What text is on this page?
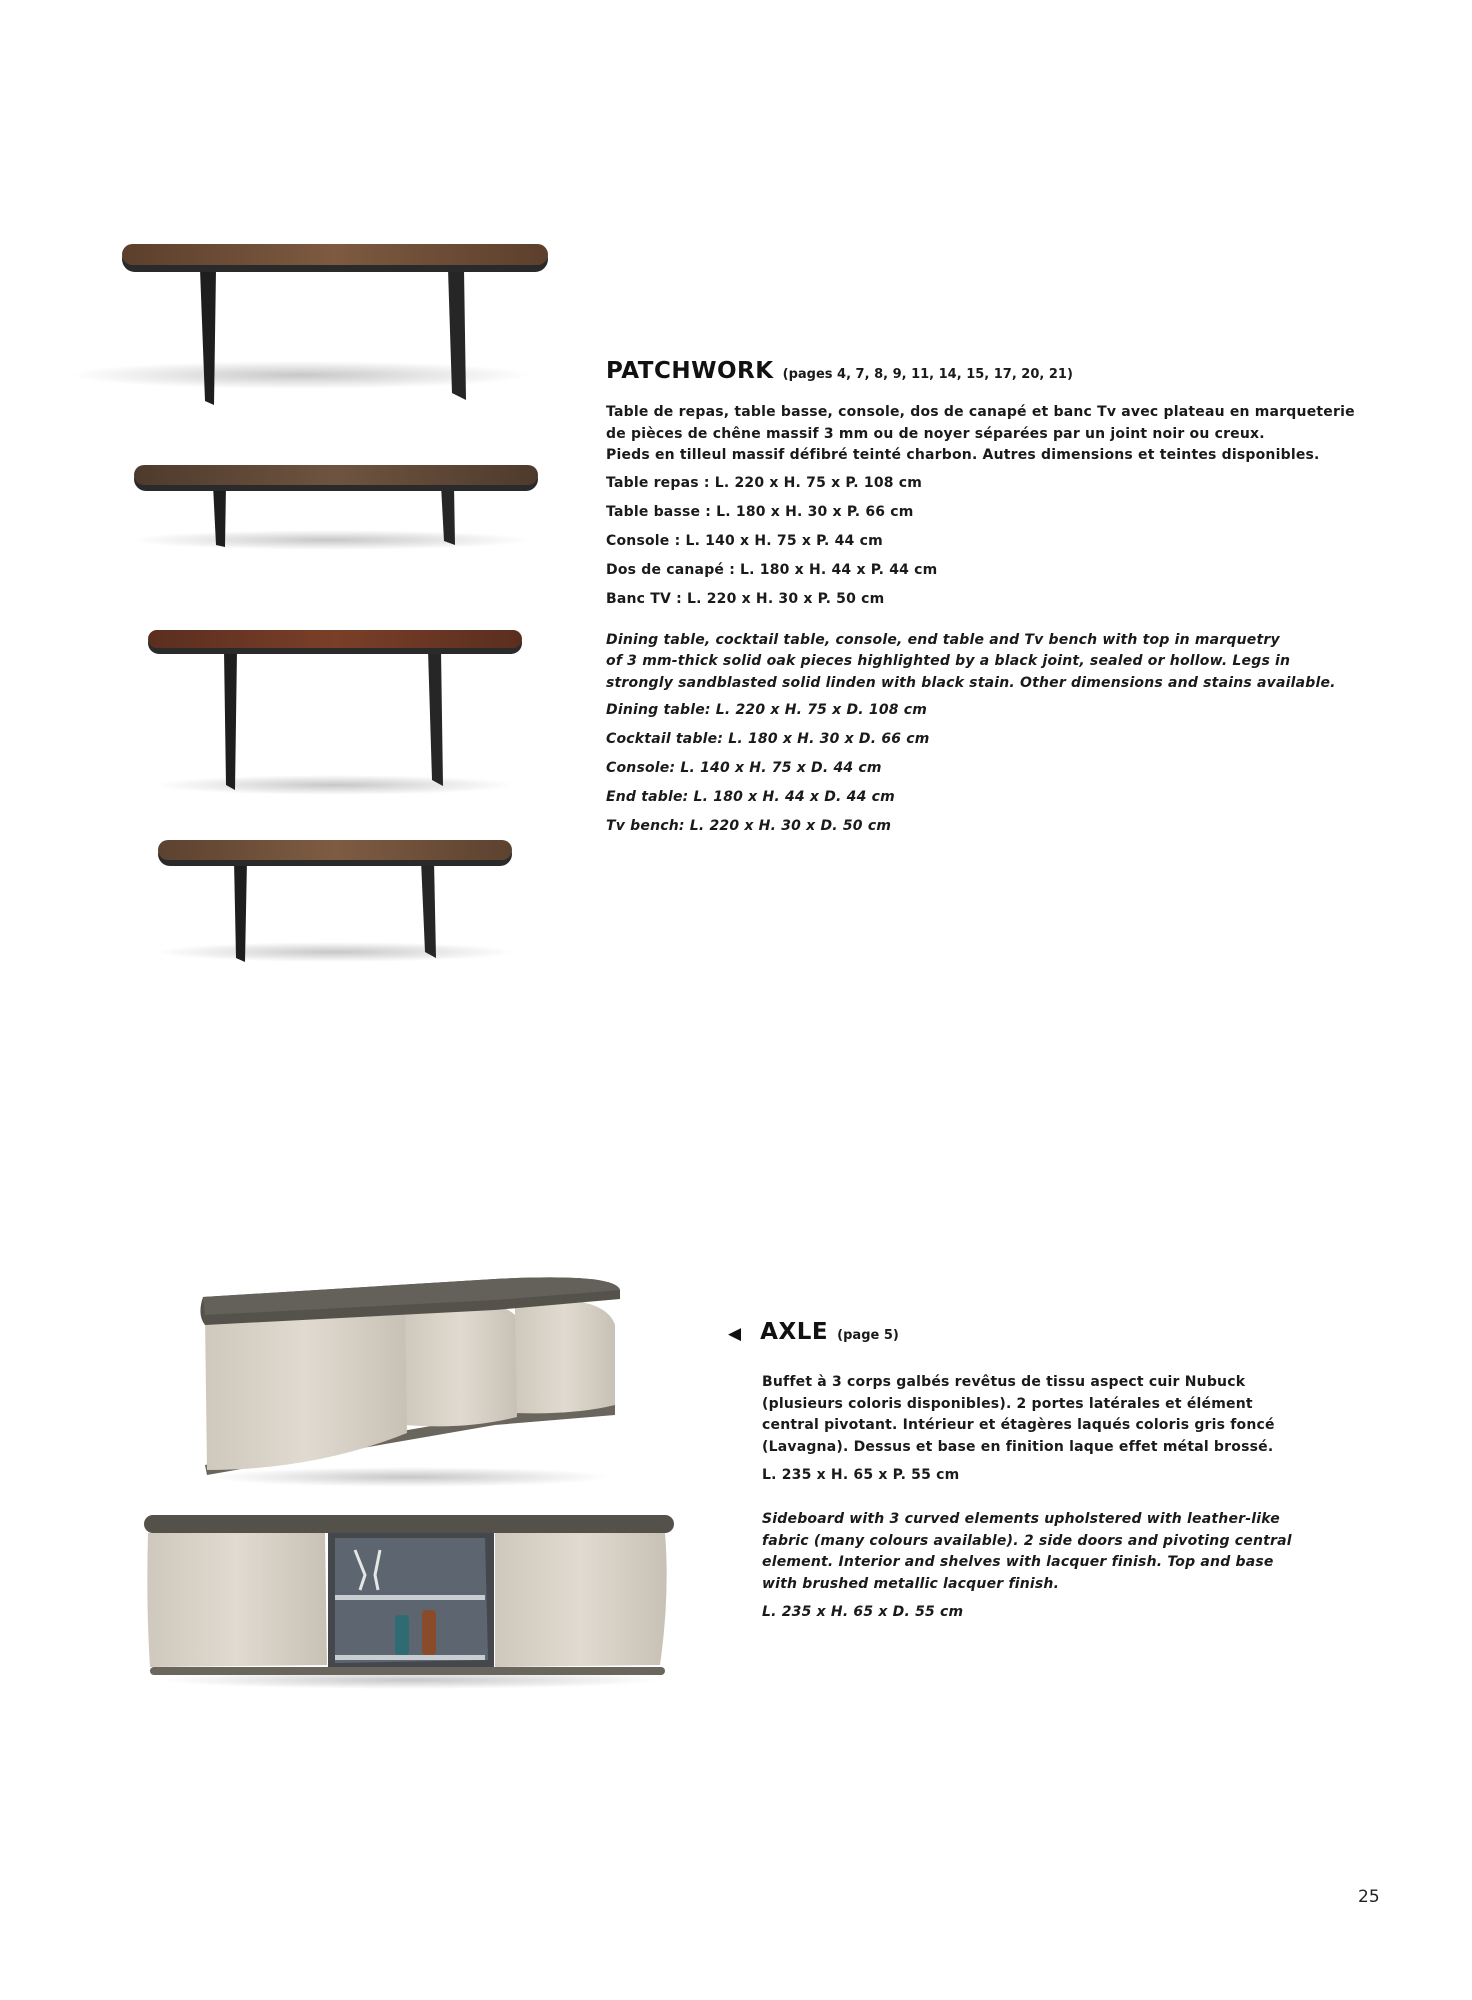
PATCHWORK (pages 4, 7, 8, 9, 11, 14, 15, 17, 20, 21)

Table de repas, table basse, console, dos de canapé et banc Tv avec plateau en marqueterie

de pièces de chêne massif 3 mm ou de noyer séparées par un joint noir ou creux.

Pieds en tilleul massif défibré teinté charbon. Autres dimensions et teintes disponibles.

Table repas : L. 220 x H. 75 x P. 108 cm

Table basse : L. 180 x H. 30 x P. 66 cm

Console : L. 140 x H. 75 x P. 44 cm

Dos de canapé : L. 180 x H. 44 x P. 44 cm

Banc TV : L. 220 x H. 30 x P. 50 cm

Dining table, cocktail table, console, end table and Tv bench with top in marquetry

of 3 mm-thick solid oak pieces highlighted by a black joint, sealed or hollow. Legs in

strongly sandblasted solid linden with black stain. Other dimensions and stains available.

Dining table: L. 220 x H. 75 x D. 108 cm

Cocktail table: L. 180 x H. 30 x D. 66 cm

Console: L. 140 x H. 75 x D. 44 cm

End table: L. 180 x H. 44 x D. 44 cm

Tv bench: L. 220 x H. 30 x D. 50 cm

◀ AXLE (page 5)

Buffet à 3 corps galbés revêtus de tissu aspect cuir Nubuck

(plusieurs coloris disponibles). 2 portes latérales et élément

central pivotant. Intérieur et étagères laqués coloris gris foncé

(Lavagna). Dessus et base en finition laque effet métal brossé.

L. 235 x H. 65 x P. 55 cm

Sideboard with 3 curved elements upholstered with leather-like

fabric (many colours available). 2 side doors and pivoting central

element. Interior and shelves with lacquer finish. Top and base

with brushed metallic lacquer finish.

L. 235 x H. 65 x D. 55 cm

25
